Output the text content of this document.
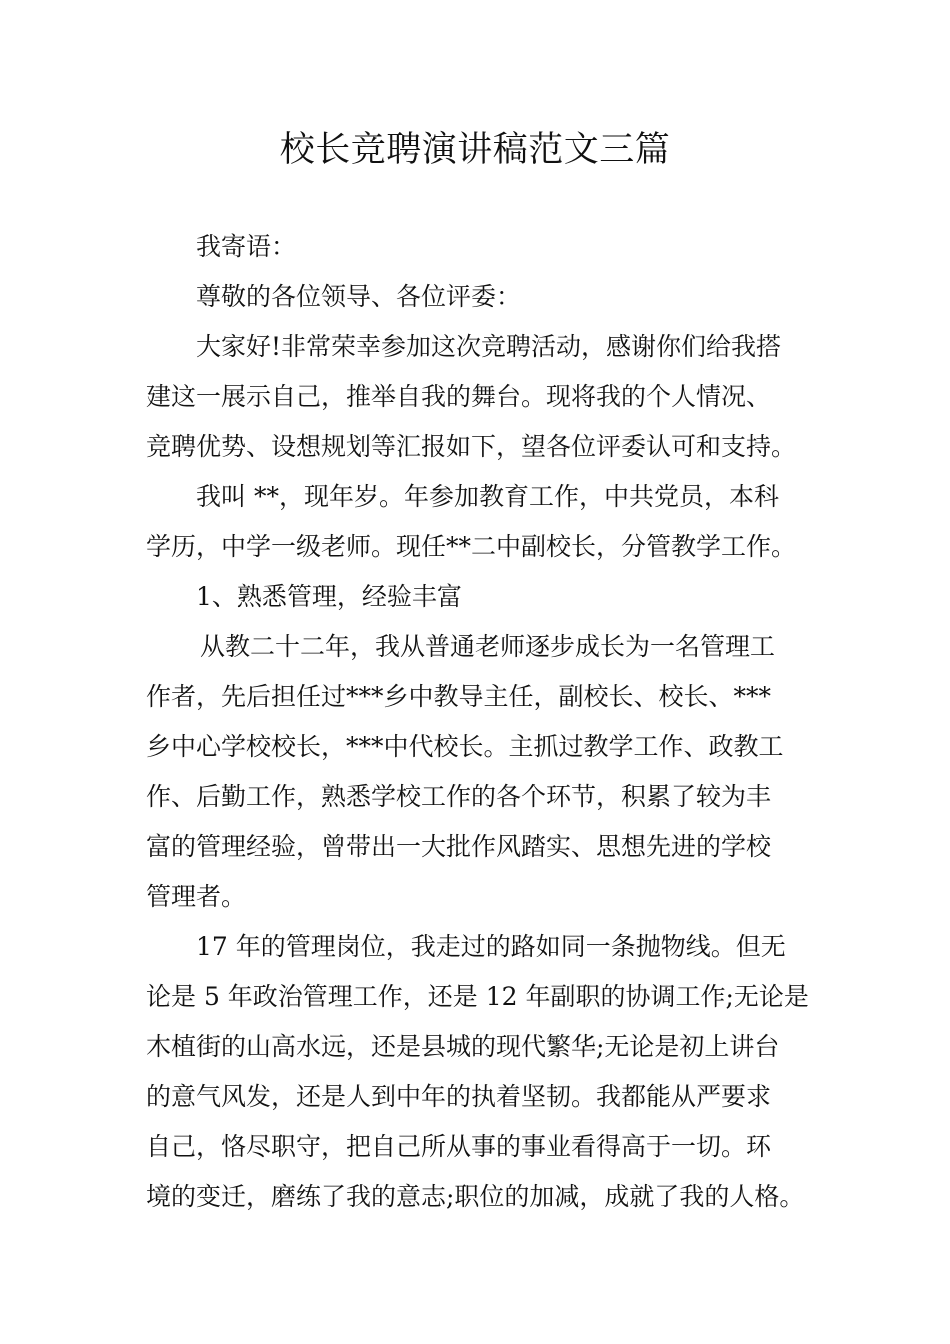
校长竞聘演讲稿范文三篇
我寄语：
尊敬的各位领导、各位评委：
大家好!非常荣幸参加这次竞聘活动，感谢你们给我搭
建这一展示自己，推举自我的舞台。现将我的个人情况、
竞聘优势、设想规划等汇报如下，望各位评委认可和支持。
我叫 **，现年岁。年参加教育工作，中共党员，本科
学历，中学一级老师。现任**二中副校长，分管教学工作。
1、熟悉管理，经验丰富
从教二十二年，我从普通老师逐步成长为一名管理工
作者，先后担任过***乡中教导主任，副校长、校长、***
乡中心学校校长，***中代校长。主抓过教学工作、政教工
作、后勤工作，熟悉学校工作的各个环节，积累了较为丰
富的管理经验，曾带出一大批作风踏实、思想先进的学校
管理者。
17 年的管理岗位，我走过的路如同一条抛物线。但无
论是 5 年政治管理工作，还是 12 年副职的协调工作;无论是
木植街的山高水远，还是县城的现代繁华;无论是初上讲台
的意气风发，还是人到中年的执着坚韧。我都能从严要求
自己，恪尽职守，把自己所从事的事业看得高于一切。环
境的变迁，磨练了我的意志;职位的加减，成就了我的人格。
